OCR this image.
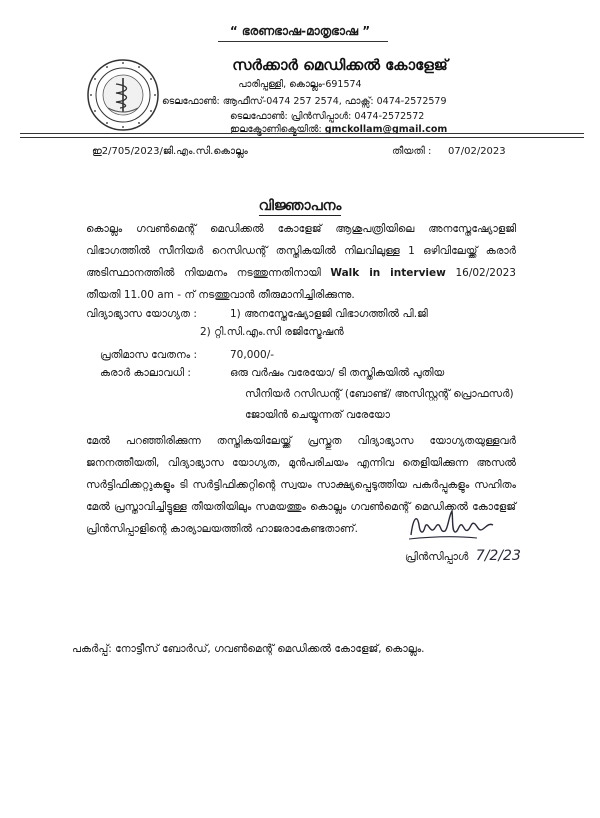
“ ഭരണഭാഷ-മാതൃഭാഷ ”
സർക്കാർ മെഡിക്കൽ കോളേജ്
പാരിപ്പള്ളി, കൊല്ലം-691574
ടെലഫോൺ: ആഫീസ്-0474 257 2574, ഫാക്സ്: 0474-2572579
ടെലഫോൺ: പ്രിൻസിപ്പാൾ: 0474-2572572
ഇലക്ട്രോണിക്മെയിൽ: gmckollam@gmail.com
ഇ2/705/2023/ജി.എം.സി.കൊല്ലം	തീയതി : 07/02/2023
വിജ്ഞാപനം
കൊല്ലം ഗവൺമെന്റ് മെഡിക്കൽ കോളേജ് ആശുപത്രിയിലെ അനസ്തേഷ്യോളജി വിഭാഗത്തിൽ സീനിയർ റെസിഡന്റ് തസ്തികയിൽ നിലവിലുള്ള 1 ഒഴിവിലേയ്ക്ക് കരാർ അടിസ്ഥാനത്തിൽ നിയമനം നടത്തുന്നതിനായി Walk in interview 16/02/2023 തീയതി 11.00 am - ന് നടത്തുവാൻ തീരുമാനിച്ചിരിക്കുന്നു.
വിദ്യാഭ്യാസ യോഗ്യത :	1) അനസ്തേഷ്യോളജി വിഭാഗത്തിൽ പി.ജി
2) റ്റി.സി.എം.സി രജിസ്ട്രേഷൻ
പ്രതിമാസ വേതനം :	70,000/-
കരാർ കാലാവധി :	ഒരു വർഷം വരേയോ/ ടി തസ്തികയിൽ പുതിയ
സീനിയർ റസിഡന്റ് (ബോണ്ട്/ അസിസ്റ്റന്റ് പ്രൊഫസർ)
ജോയിൻ ചെയ്യുന്നത് വരേയോ
മേൽ പറഞ്ഞിരിക്കുന്ന തസ്തികയിലേയ്ക്ക് പ്രസ്തുത വിദ്യാഭ്യാസ യോഗ്യതയുള്ളവർ ജനനത്തീയതി, വിദ്യാഭ്യാസ യോഗ്യത, മുൻപരിചയം എന്നിവ തെളിയിക്കുന്ന അസൽ സർട്ടിഫിക്കറ്റുകളും ടി സർട്ടിഫിക്കറ്റിന്റെ സ്വയം സാക്ഷ്യപ്പെടുത്തിയ പകർപ്പുകളും സഹിതം മേൽ പ്രസ്താവിച്ചിട്ടുള്ള തീയതിയിലും സമയത്തും കൊല്ലം ഗവൺമെന്റ് മെഡിക്കൽ കോളേജ് പ്രിൻസിപ്പാളിന്റെ കാര്യാലയത്തിൽ ഹാജരാകേണ്ടതാണ്.
പ്രിൻസിപ്പാൾ 7/2/23
പകർപ്പ്: നോട്ടീസ് ബോർഡ്, ഗവൺമെന്റ് മെഡിക്കൽ കോളേജ്, കൊല്ലം.
